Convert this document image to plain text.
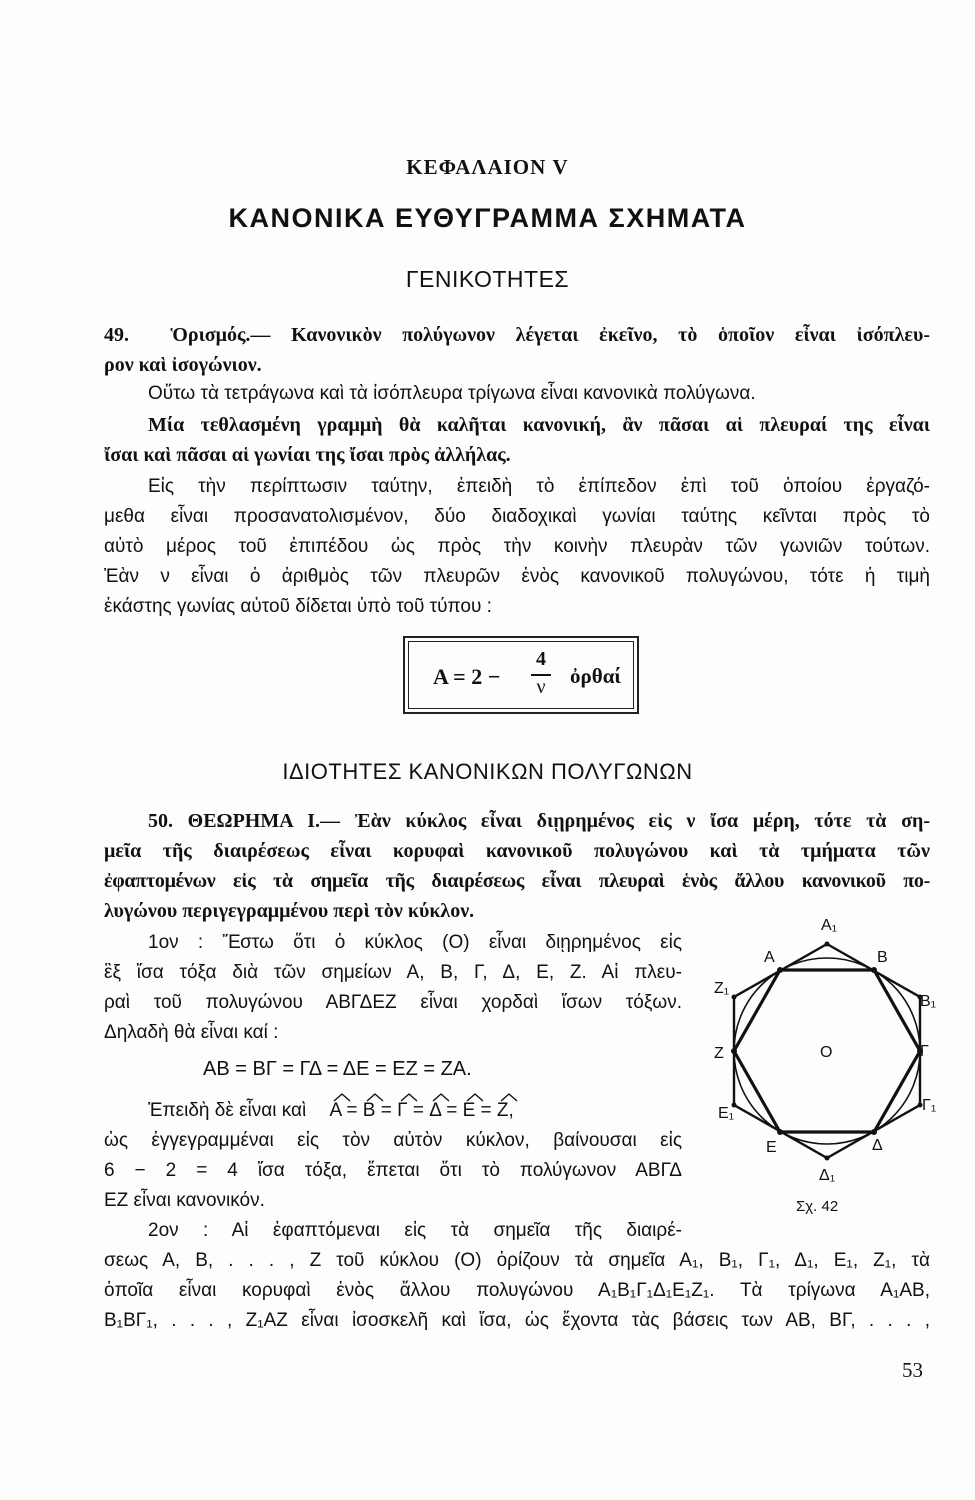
ΚΕΦΑΛΑΙΟΝ V
ΚΑΝΟΝΙΚΑ ΕΥΘΥΓΡΑΜΜΑ ΣΧΗΜΑΤΑ
ΓΕΝΙΚΟΤΗΤΕΣ
49. Ὁρισμός.— Κανονικὸν πολύγωνον λέγεται ἐκεῖνο, τὸ ὁποῖον εἶναι ἰσόπλευ-
ρον καὶ ἰσογώνιον.
Οὕτω τὰ τετράγωνα καὶ τὰ ἰσόπλευρα τρίγωνα εἶναι κανονικὰ πολύγωνα.
Μία τεθλασμένη γραμμὴ θὰ καλῆται κανονική, ἂν πᾶσαι αἱ πλευραί της εἶναι
ἴσαι καὶ πᾶσαι αἱ γωνίαι της ἴσαι πρὸς ἀλλήλας.
Εἰς τὴν περίπτωσιν ταύτην, ἐπειδὴ τὸ ἐπίπεδον ἐπὶ τοῦ ὁποίου ἐργαζό-
μεθα εἶναι προσανατολισμένον, δύο διαδοχικαὶ γωνίαι ταύτης κεῖνται πρὸς τὸ
αὐτὸ μέρος τοῦ ἐπιπέδου ὡς πρὸς τὴν κοινὴν πλευρὰν τῶν γωνιῶν τούτων.
Ἐὰν ν εἶναι ὁ ἀριθμὸς τῶν πλευρῶν ἑνὸς κανονικοῦ πολυγώνου, τότε ἡ τιμὴ
ἑκάστης γωνίας αὐτοῦ δίδεται ὑπὸ τοῦ τύπου :
Α = 2 −
4
ν ὀρθαί
ΙΔΙΟΤΗΤΕΣ ΚΑΝΟΝΙΚΩΝ ΠΟΛΥΓΩΝΩΝ
50. ΘΕΩΡΗΜΑ Ι.— Ἐὰν κύκλος εἶναι διῃρημένος εἰς ν ἴσα μέρη, τότε τὰ ση-
μεῖα τῆς διαιρέσεως εἶναι κορυφαὶ κανονικοῦ πολυγώνου καὶ τὰ τμήματα τῶν
ἐφαπτομένων εἰς τὰ σημεῖα τῆς διαιρέσεως εἶναι πλευραὶ ἑνὸς ἄλλου κανονικοῦ πο-
λυγώνου περιγεγραμμένου περὶ τὸν κύκλον.
1ον : Ἔστω ὅτι ὁ κύκλος (Ο) εἶναι διῃρημένος εἰς
ἓξ ἴσα τόξα διὰ τῶν σημείων Α, Β, Γ, Δ, Ε, Ζ. Αἱ πλευ-
ραὶ τοῦ πολυγώνου ΑΒΓΔΕΖ εἶναι χορδαὶ ἴσων τόξων.
Δηλαδὴ θὰ εἶναι καί :
ΑΒ = ΒΓ = ΓΔ = ΔΕ = ΕΖ = ΖΑ.
Ἐπειδὴ δὲ εἶναι καὶ Α = Β = Γ = Δ = Ε = Ζ,
ὡς ἐγγεγραμμέναι εἰς τὸν αὐτὸν κύκλον, βαίνουσαι εἰς
6 − 2 = 4 ἴσα τόξα, ἔπεται ὅτι τὸ πολύγωνον ΑΒΓΔ
ΕΖ εἶναι κανονικόν.
2ον : Αἱ ἐφαπτόμεναι εἰς τὰ σημεῖα τῆς διαιρέ-
σεως Α, Β, . . . , Ζ τοῦ κύκλου (Ο) ὁρίζουν τὰ σημεῖα Α₁, Β₁, Γ₁, Δ₁, Ε₁, Ζ₁, τὰ
ὁποῖα εἶναι κορυφαὶ ἑνὸς ἄλλου πολυγώνου Α₁Β₁Γ₁Δ₁Ε₁Ζ₁. Τὰ τρίγωνα Α₁ΑΒ,
Β₁ΒΓ₁, . . . , Ζ₁ΑΖ εἶναι ἰσοσκελῆ καὶ ἴσα, ὡς ἔχοντα τὰς βάσεις των ΑΒ, ΒΓ, . . . ,
Α₁
Α	Β
Ζ₁
Β₁
Ζ	Γ
O
Ε₁	Γ₁
Ε	Δ
Δ₁
Σχ. 42
53
